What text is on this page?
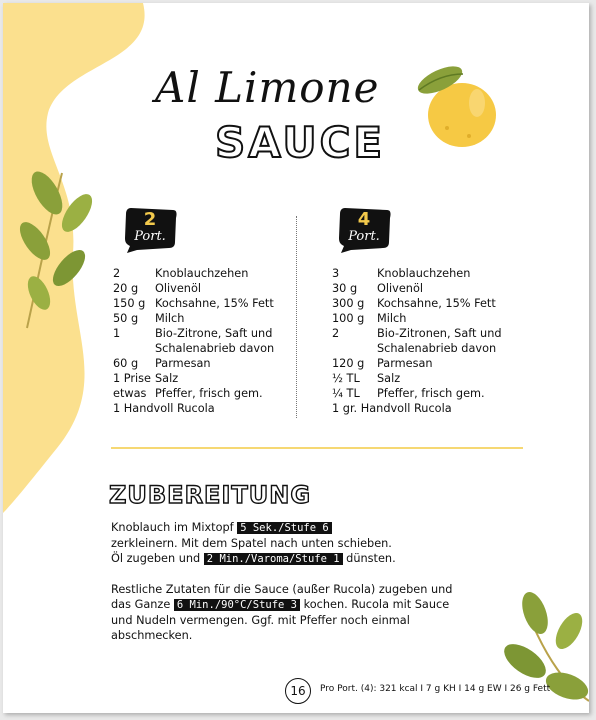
Al Limone
SAUCE
2
Port.
2	Knoblauchzehen
20 g	Olivenöl
150 g Kochsahne, 15% Fett
50 g	Milch
1	Bio-Zitrone, Saft und Schalenabrieb davon
60 g	Parmesan
1 Prise Salz
etwas Pfeffer, frisch gem.
1 Handvoll Rucola
4
Port.
3	Knoblauchzehen
30 g	Olivenöl
300 g	Kochsahne, 15% Fett
100 g	Milch
2	Bio-Zitronen, Saft und Schalenabrieb davon
120 g	Parmesan
½ TL	Salz
¼ TL	Pfeffer, frisch gem.
1 gr. Handvoll Rucola
ZUBEREITUNG

Knoblauch im Mixtopf 5 Sek./Stufe 6
zerkleinern. Mit dem Spatel nach unten schieben.
Öl zugeben und 2 Min./Varoma/Stufe 1 dünsten.

Restliche Zutaten für die Sauce (außer Rucola) zugeben und das Ganze 6 Min./90°C/Stufe 3 kochen. Rucola mit Sauce und Nudeln vermengen. Ggf. mit Pfeffer noch einmal abschmecken.

16	Pro Port. (4): 321 kcal I 7 g KH I 14 g EW I 26 g Fett
